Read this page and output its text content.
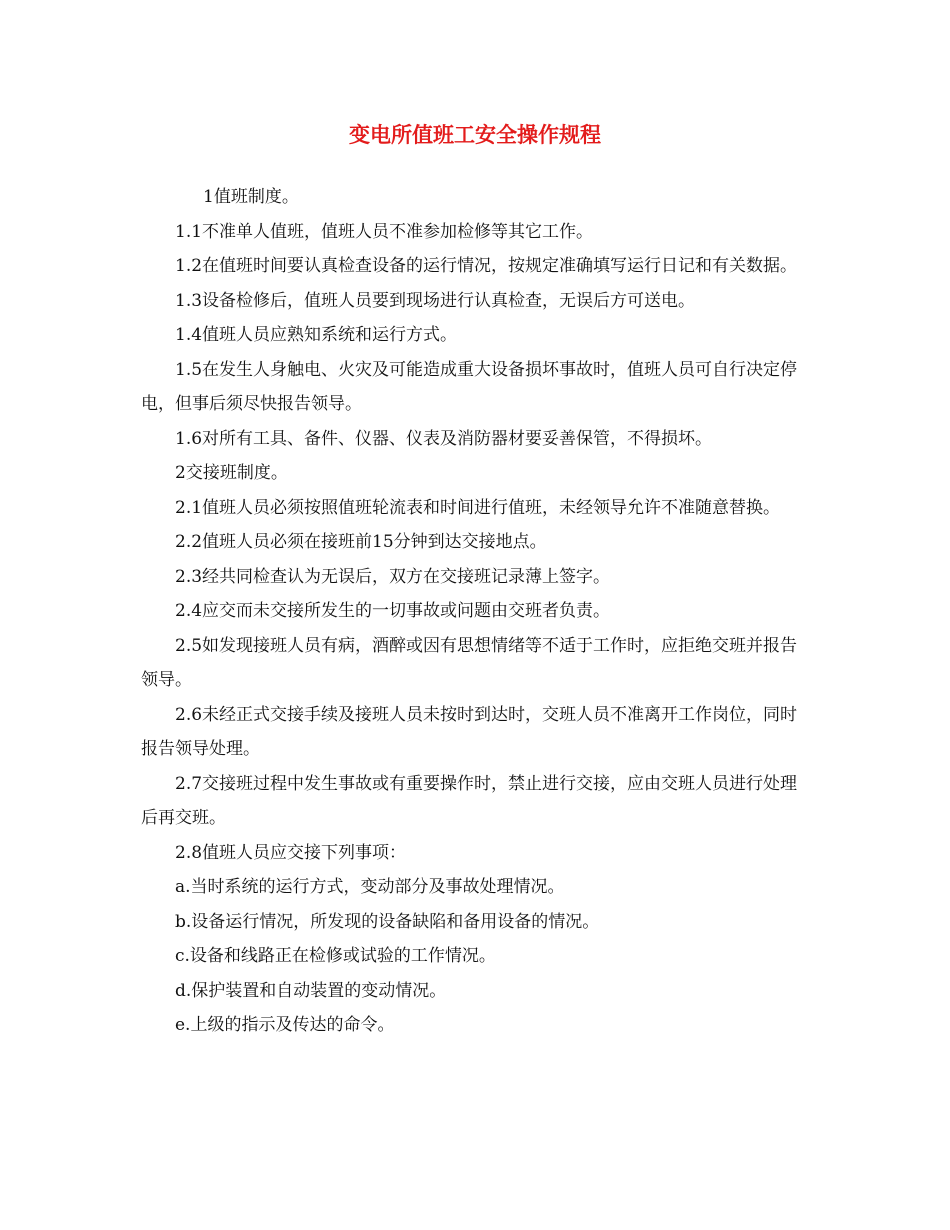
变电所值班工安全操作规程

1值班制度。

1.1不准单人值班，值班人员不准参加检修等其它工作。

1.2在值班时间要认真检查设备的运行情况，按规定准确填写运行日记和有关数据。

1.3设备检修后，值班人员要到现场进行认真检查，无误后方可送电。

1.4值班人员应熟知系统和运行方式。

1.5在发生人身触电、火灾及可能造成重大设备损坏事故时，值班人员可自行决定停电，但事后须尽快报告领导。

1.6对所有工具、备件、仪器、仪表及消防器材要妥善保管，不得损坏。

2交接班制度。

2.1值班人员必须按照值班轮流表和时间进行值班，未经领导允许不准随意替换。

2.2值班人员必须在接班前15分钟到达交接地点。

2.3经共同检查认为无误后，双方在交接班记录薄上签字。

2.4应交而未交接所发生的一切事故或问题由交班者负责。

2.5如发现接班人员有病，酒醉或因有思想情绪等不适于工作时，应拒绝交班并报告领导。

2.6未经正式交接手续及接班人员未按时到达时，交班人员不准离开工作岗位，同时报告领导处理。

2.7交接班过程中发生事故或有重要操作时，禁止进行交接，应由交班人员进行处理后再交班。

2.8值班人员应交接下列事项：

a.当时系统的运行方式，变动部分及事故处理情况。

b.设备运行情况，所发现的设备缺陷和备用设备的情况。

c.设备和线路正在检修或试验的工作情况。

d.保护装置和自动装置的变动情况。

e.上级的指示及传达的命令。
